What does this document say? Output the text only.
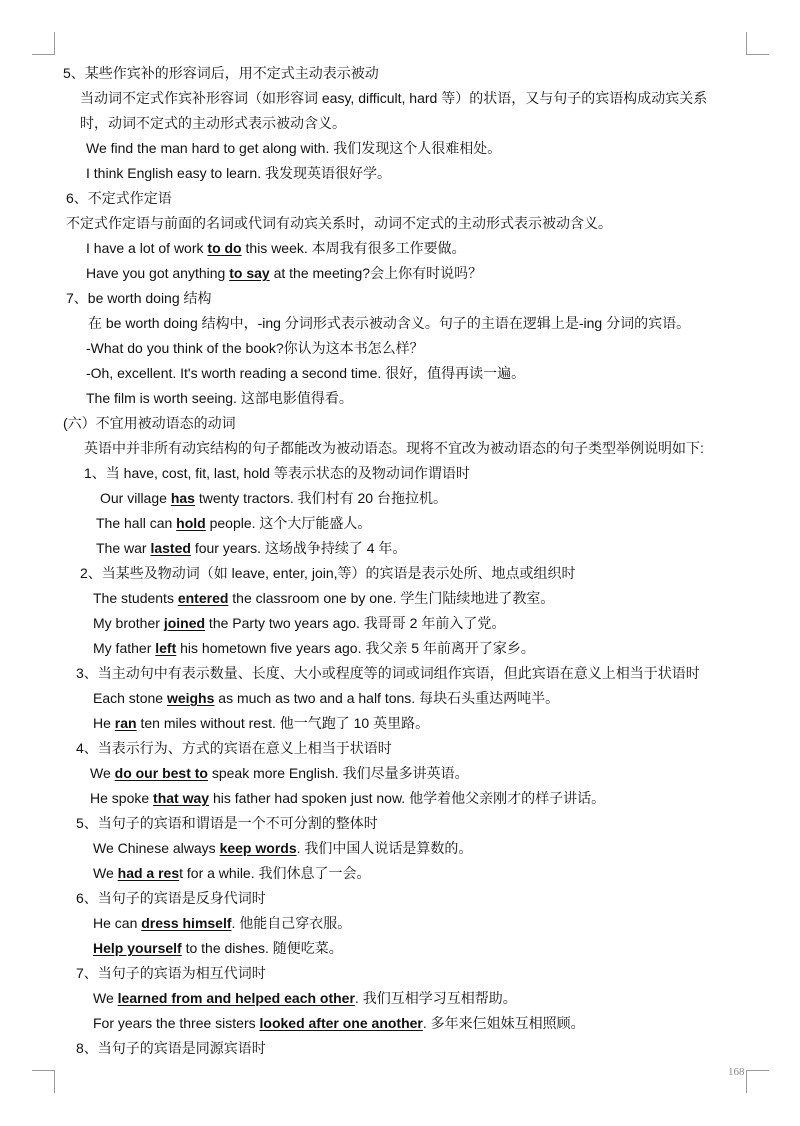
5、某些作宾补的形容词后，用不定式主动表示被动
当动词不定式作宾补形容词（如形容词 easy, difficult, hard 等）的状语，又与句子的宾语构成动宾关系
时，动词不定式的主动形式表示被动含义。
We find the man hard to get along with. 我们发现这个人很难相处。
I think English easy to learn. 我发现英语很好学。
6、不定式作定语
不定式作定语与前面的名词或代词有动宾关系时，动词不定式的主动形式表示被动含义。
I have a lot of work to do this week. 本周我有很多工作要做。
Have you got anything to say at the meeting?会上你有时说吗？
7、be worth doing 结构
在 be worth doing 结构中，-ing 分词形式表示被动含义。句子的主语在逻辑上是-ing 分词的宾语。
-What do you think of the book?你认为这本书怎么样？
-Oh, excellent. It's worth reading a second time. 很好，值得再读一遍。
The film is worth seeing. 这部电影值得看。
(六）不宜用被动语态的动词
英语中并非所有动宾结构的句子都能改为被动语态。现将不宜改为被动语态的句子类型举例说明如下:
1、当 have, cost, fit, last, hold 等表示状态的及物动词作谓语时
Our village has twenty tractors. 我们村有 20 台拖拉机。
The hall can hold people. 这个大厅能盛人。
The war lasted four years. 这场战争持续了 4 年。
2、当某些及物动词（如 leave, enter, join,等）的宾语是表示处所、地点或组织时
The students entered the classroom one by one. 学生门陆续地进了教室。
My brother joined the Party two years ago. 我哥哥 2 年前入了党。
My father left his hometown five years ago. 我父亲 5 年前离开了家乡。
3、当主动句中有表示数量、长度、大小或程度等的词或词组作宾语，但此宾语在意义上相当于状语时
Each stone weighs as much as two and a half tons. 每块石头重达两吨半。
He ran ten miles without rest. 他一气跑了 10 英里路。
4、当表示行为、方式的宾语在意义上相当于状语时
We do our best to speak more English. 我们尽量多讲英语。
He spoke that way his father had spoken just now. 他学着他父亲刚才的样子讲话。
5、当句子的宾语和谓语是一个不可分割的整体时
We Chinese always keep words. 我们中国人说话是算数的。
We had a rest for a while. 我们休息了一会。
6、当句子的宾语是反身代词时
He can dress himself. 他能自己穿衣服。
Help yourself to the dishes. 随便吃菜。
7、当句子的宾语为相互代词时
We learned from and helped each other. 我们互相学习互相帮助。
For years the three sisters looked after one another. 多年来仨姐妹互相照顾。
8、当句子的宾语是同源宾语时
168
